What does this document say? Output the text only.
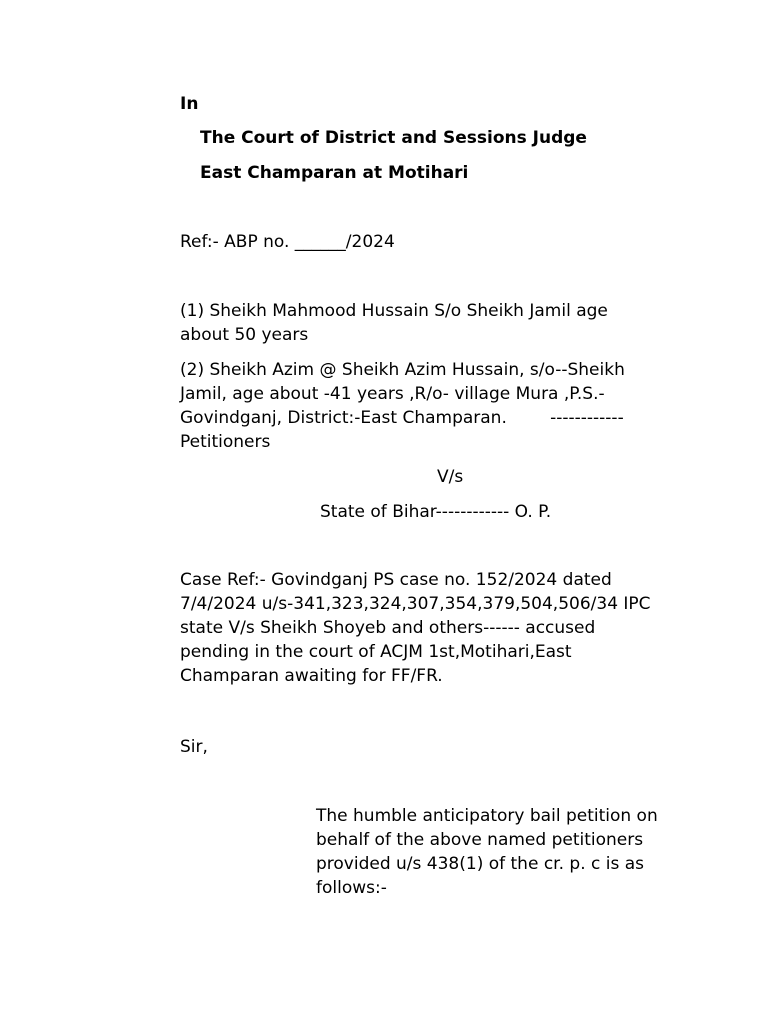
In

The Court of District and Sessions Judge

East Champaran at Motihari

Ref:- ABP no. ______/2024

(1) Sheikh Mahmood Hussain S/o Sheikh Jamil age
about 50 years
(2) Sheikh Azim @ Sheikh Azim Hussain, s/o--Sheikh
Jamil, age about -41 years ,R/o- village Mura ,P.S.-
Govindganj, District:-East Champaran.        ------------
Petitioners

V/s

State of Bihar------------ O. P.

Case Ref:- Govindganj PS case no. 152/2024 dated
7/4/2024 u/s-341,323,324,307,354,379,504,506/34 IPC
state V/s Sheikh Shoyeb and others------ accused
pending in the court of ACJM 1st,Motihari,East
Champaran awaiting for FF/FR.

Sir,

The humble anticipatory bail petition on
behalf of the above named petitioners
provided u/s 438(1) of the cr. p. c is as
follows:-
